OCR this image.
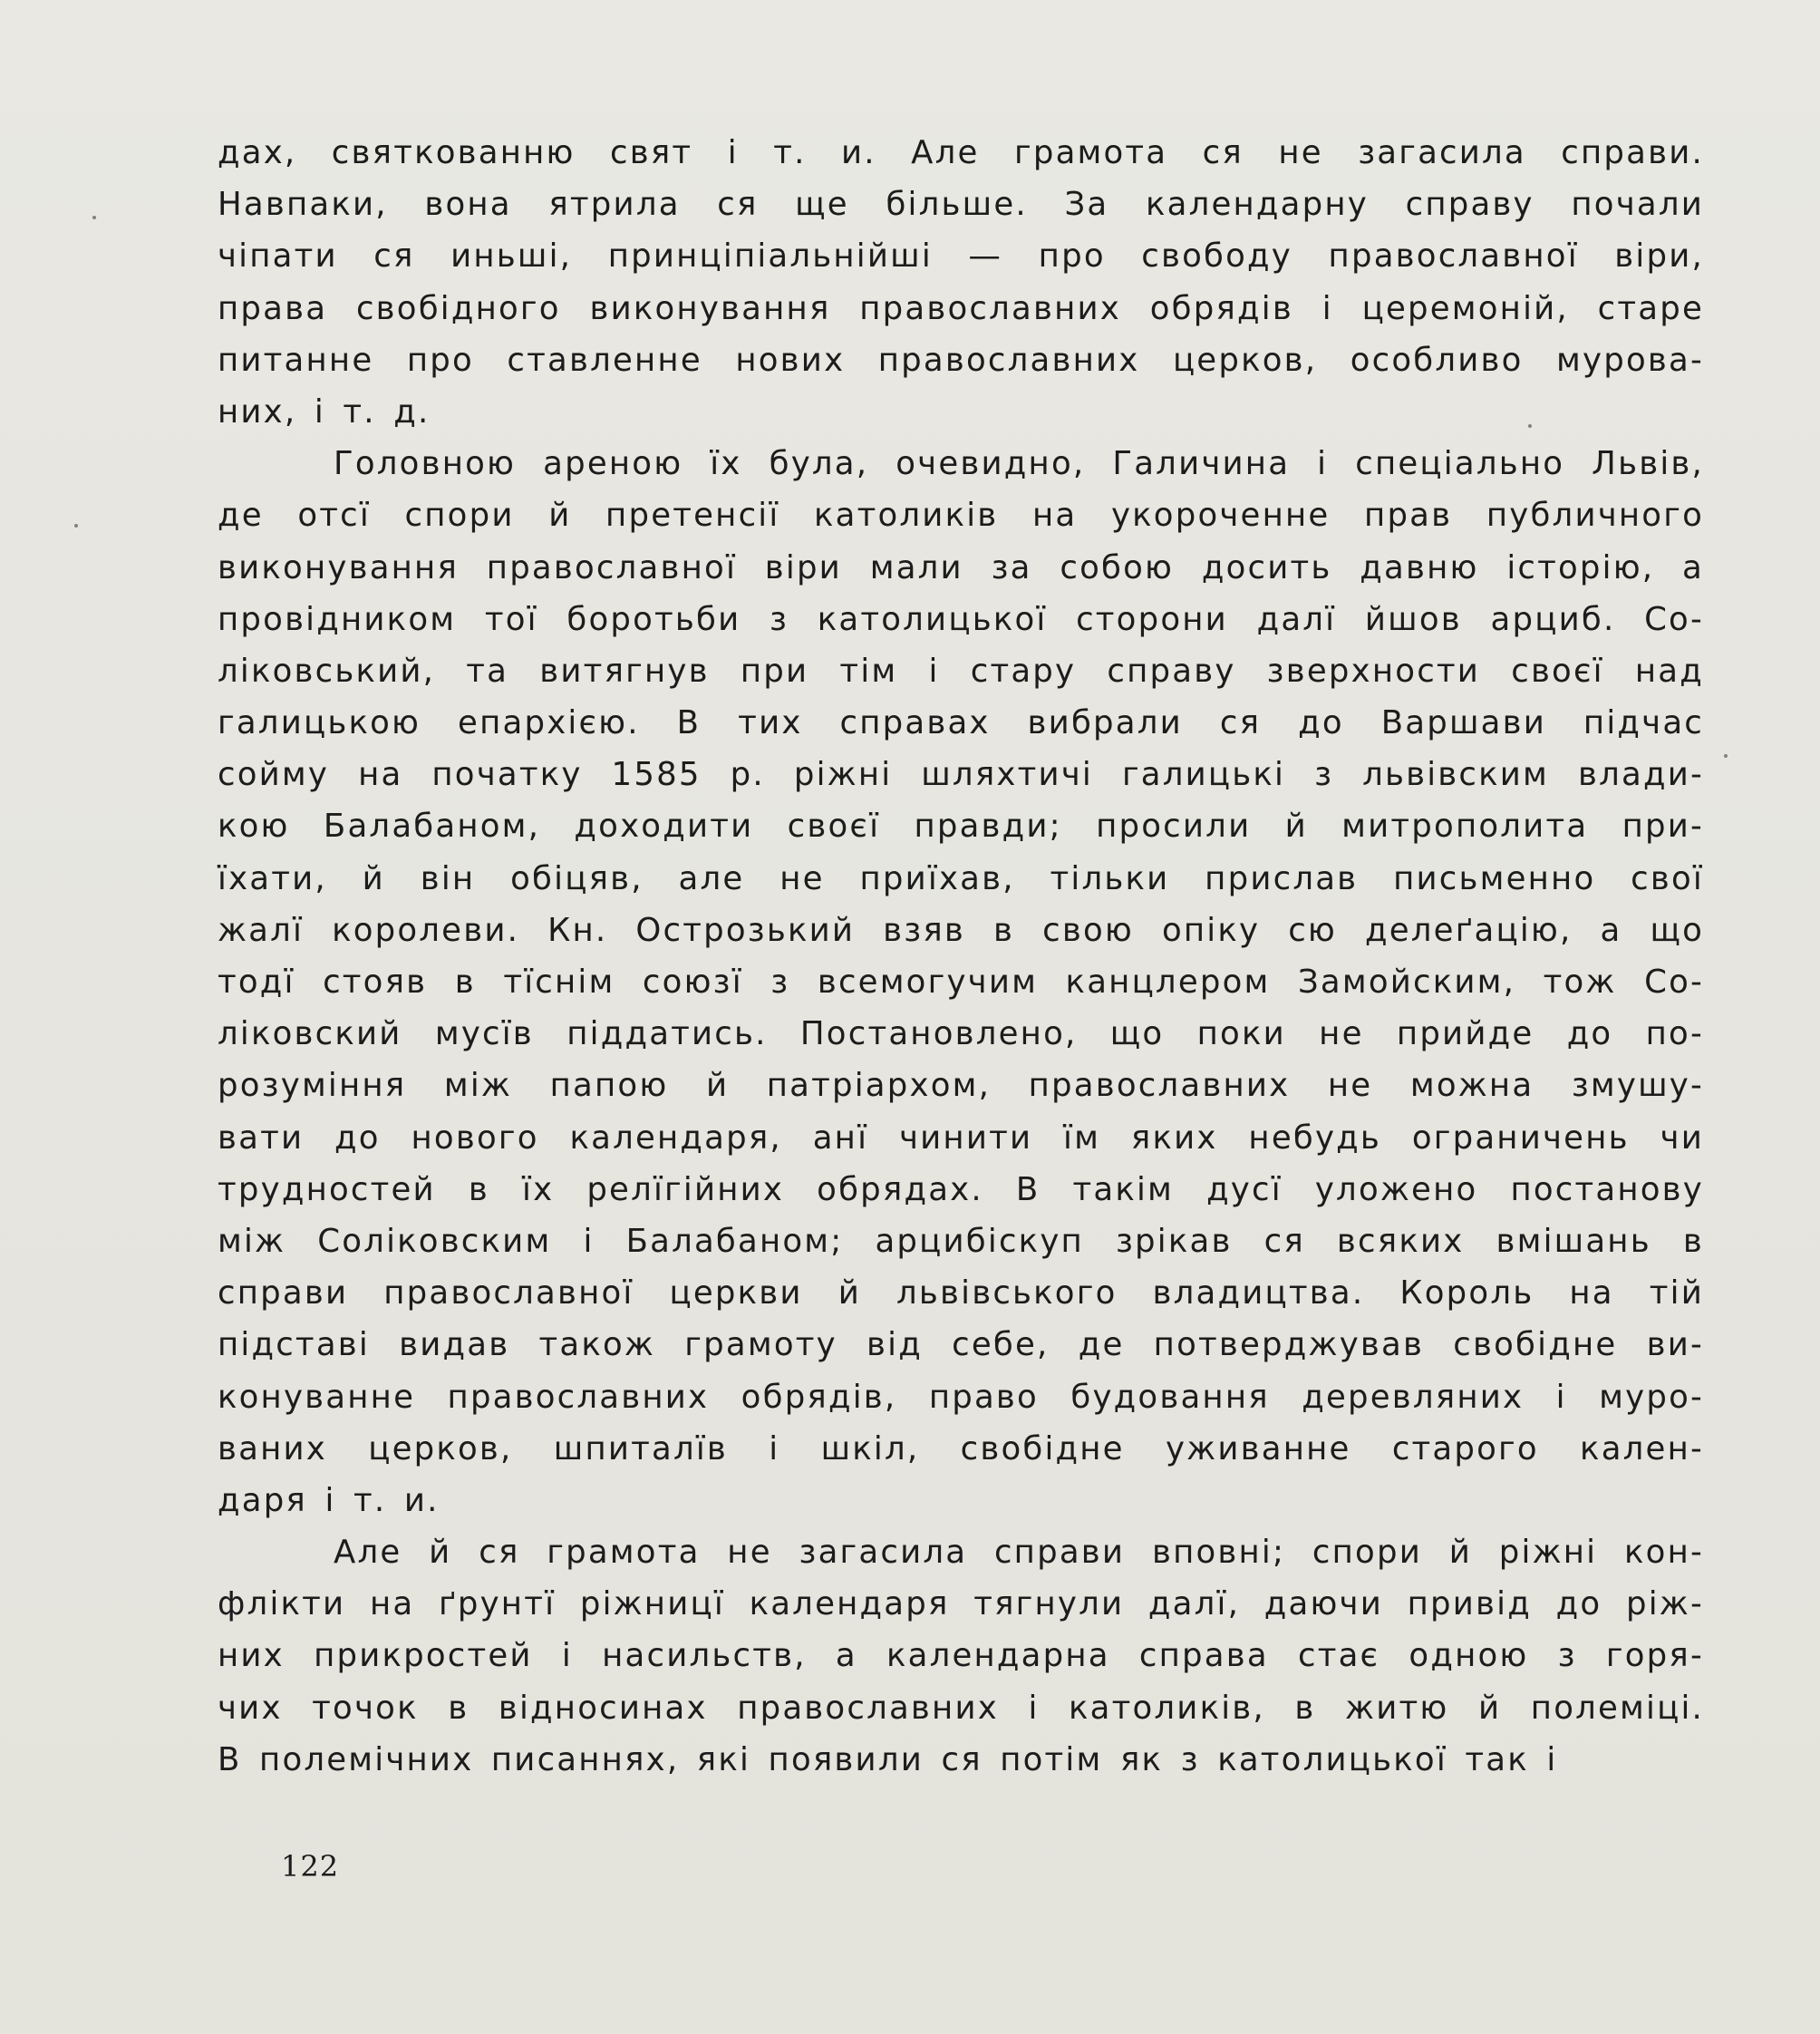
дах, святкованню свят і т. и. Але грамота ся не загасила справи.
Навпаки, вона ятрила ся ще більше. За календарну справу почали
чіпати ся иньші, принціпіальнійші — про свободу православної віри,
права свобідного виконування православних обрядів і церемоній, старе
питанне про ставленне нових православних церков, особливо мурова-
них, і т. д.
Головною ареною їх була, очевидно, Галичина і спеціально Львів,
де отсї спори й претенсії католиків на укороченне прав публичного
виконування православної віри мали за собою досить давню історію, а
провідником тої боротьби з католицької сторони далї йшов арциб. Со-
ліковський, та витягнув при тім і стару справу зверхности своєї над
галицькою епархією. В тих справах вибрали ся до Варшави підчас
сойму на початку 1585 р. ріжні шляхтичі галицькі з львівским влади-
кою Балабаном, доходити своєї правди; просили й митрополита при-
їхати, й він обіцяв, але не приїхав, тільки прислав письменно свої
жалї королеви. Кн. Острозький взяв в свою опіку сю делеґацію, а що
тодї стояв в тїснім союзї з всемогучим канцлером Замойским, тож Со-
ліковский мусїв піддатись. Постановлено, що поки не прийде до по-
розуміння між папою й патріархом, православних не можна змушу-
вати до нового календаря, анї чинити їм яких небудь ограничень чи
трудностей в їх релїгійних обрядах. В такім дусї уложено постанову
між Соліковским і Балабаном; арцибіскуп зрікав ся всяких вмішань в
справи православної церкви й львівського владицтва. Король на тій
підставі видав також грамоту від себе, де потверджував свобідне ви-
конуванне православних обрядів, право будовання деревляних і муро-
ваних церков, шпиталїв і шкіл, свобідне уживанне старого кален-
даря і т. и.
Але й ся грамота не загасила справи вповні; спори й ріжні кон-
флікти на ґрунтї ріжницї календаря тягнули далї, даючи привід до ріж-
них прикростей і насильств, а календарна справа стає одною з горя-
чих точок в відносинах православних і католиків, в житю й полеміці.
В полемічних писаннях, які появили ся потім як з католицької так і
122
